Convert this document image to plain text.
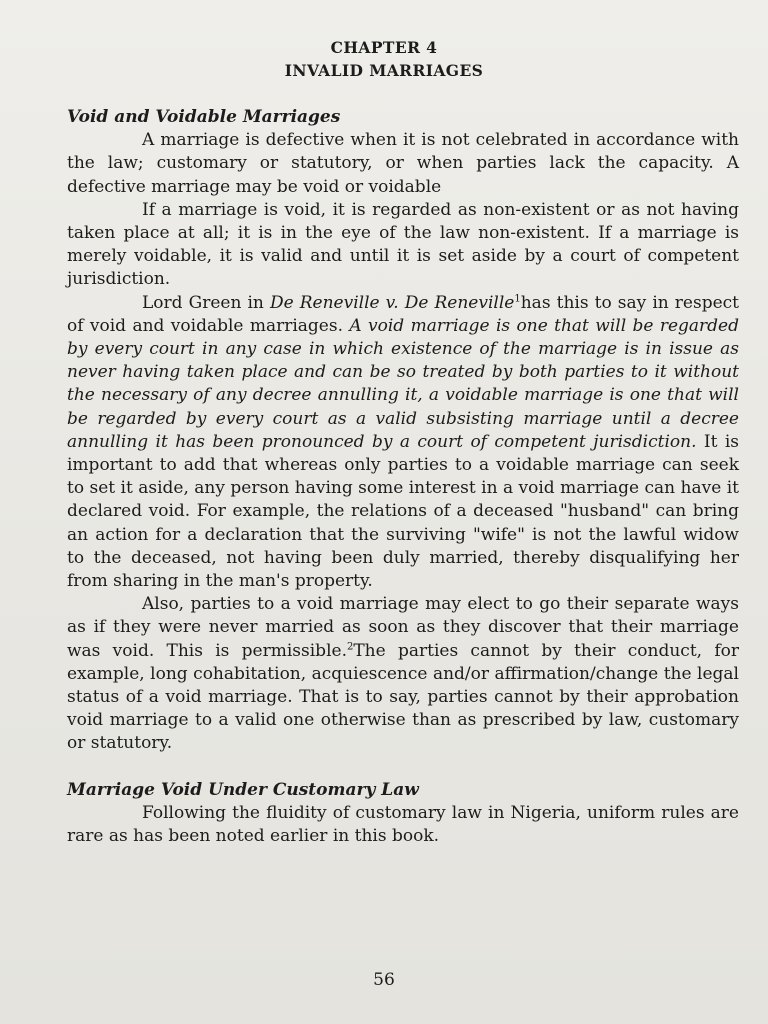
CHAPTER 4
INVALID MARRIAGES
Void and Voidable Marriages

A marriage is defective when it is not celebrated in accordance with the law; customary or statutory, or when parties lack the capacity. A defective marriage may be void or voidable

If a marriage is void, it is regarded as non-existent or as not having taken place at all; it is in the eye of the law non-existent. If a marriage is merely voidable, it is valid and until it is set aside by a court of competent jurisdiction.

Lord Green in De Reneville v. De Reneville$^1$has this to say in respect of void and voidable marriages. A void marriage is one that will be regarded by every court in any case in which existence of the marriage is in issue as never having taken place and can be so treated by both parties to it without the necessary of any decree annulling it, a voidable marriage is one that will be regarded by every court as a valid subsisting marriage until a decree annulling it has been pronounced by a court of competent jurisdiction. It is important to add that whereas only parties to a voidable marriage can seek to set it aside, any person having some interest in a void marriage can have it declared void. For example, the relations of a deceased "husband" can bring an action for a declaration that the surviving "wife" is not the lawful widow to the deceased, not having been duly married, thereby disqualifying her from sharing in the man's property.

Also, parties to a void marriage may elect to go their separate ways as if they were never married as soon as they discover that their marriage was void. This is permissible.$^2$The parties cannot by their conduct, for example, long cohabitation, acquiescence and/or affirmation/change the legal status of a void marriage. That is to say, parties cannot by their approbation void marriage to a valid one otherwise than as prescribed by law, customary or statutory.

Marriage Void Under Customary Law

Following the fluidity of customary law in Nigeria, uniform rules are rare as has been noted earlier in this book.

56
